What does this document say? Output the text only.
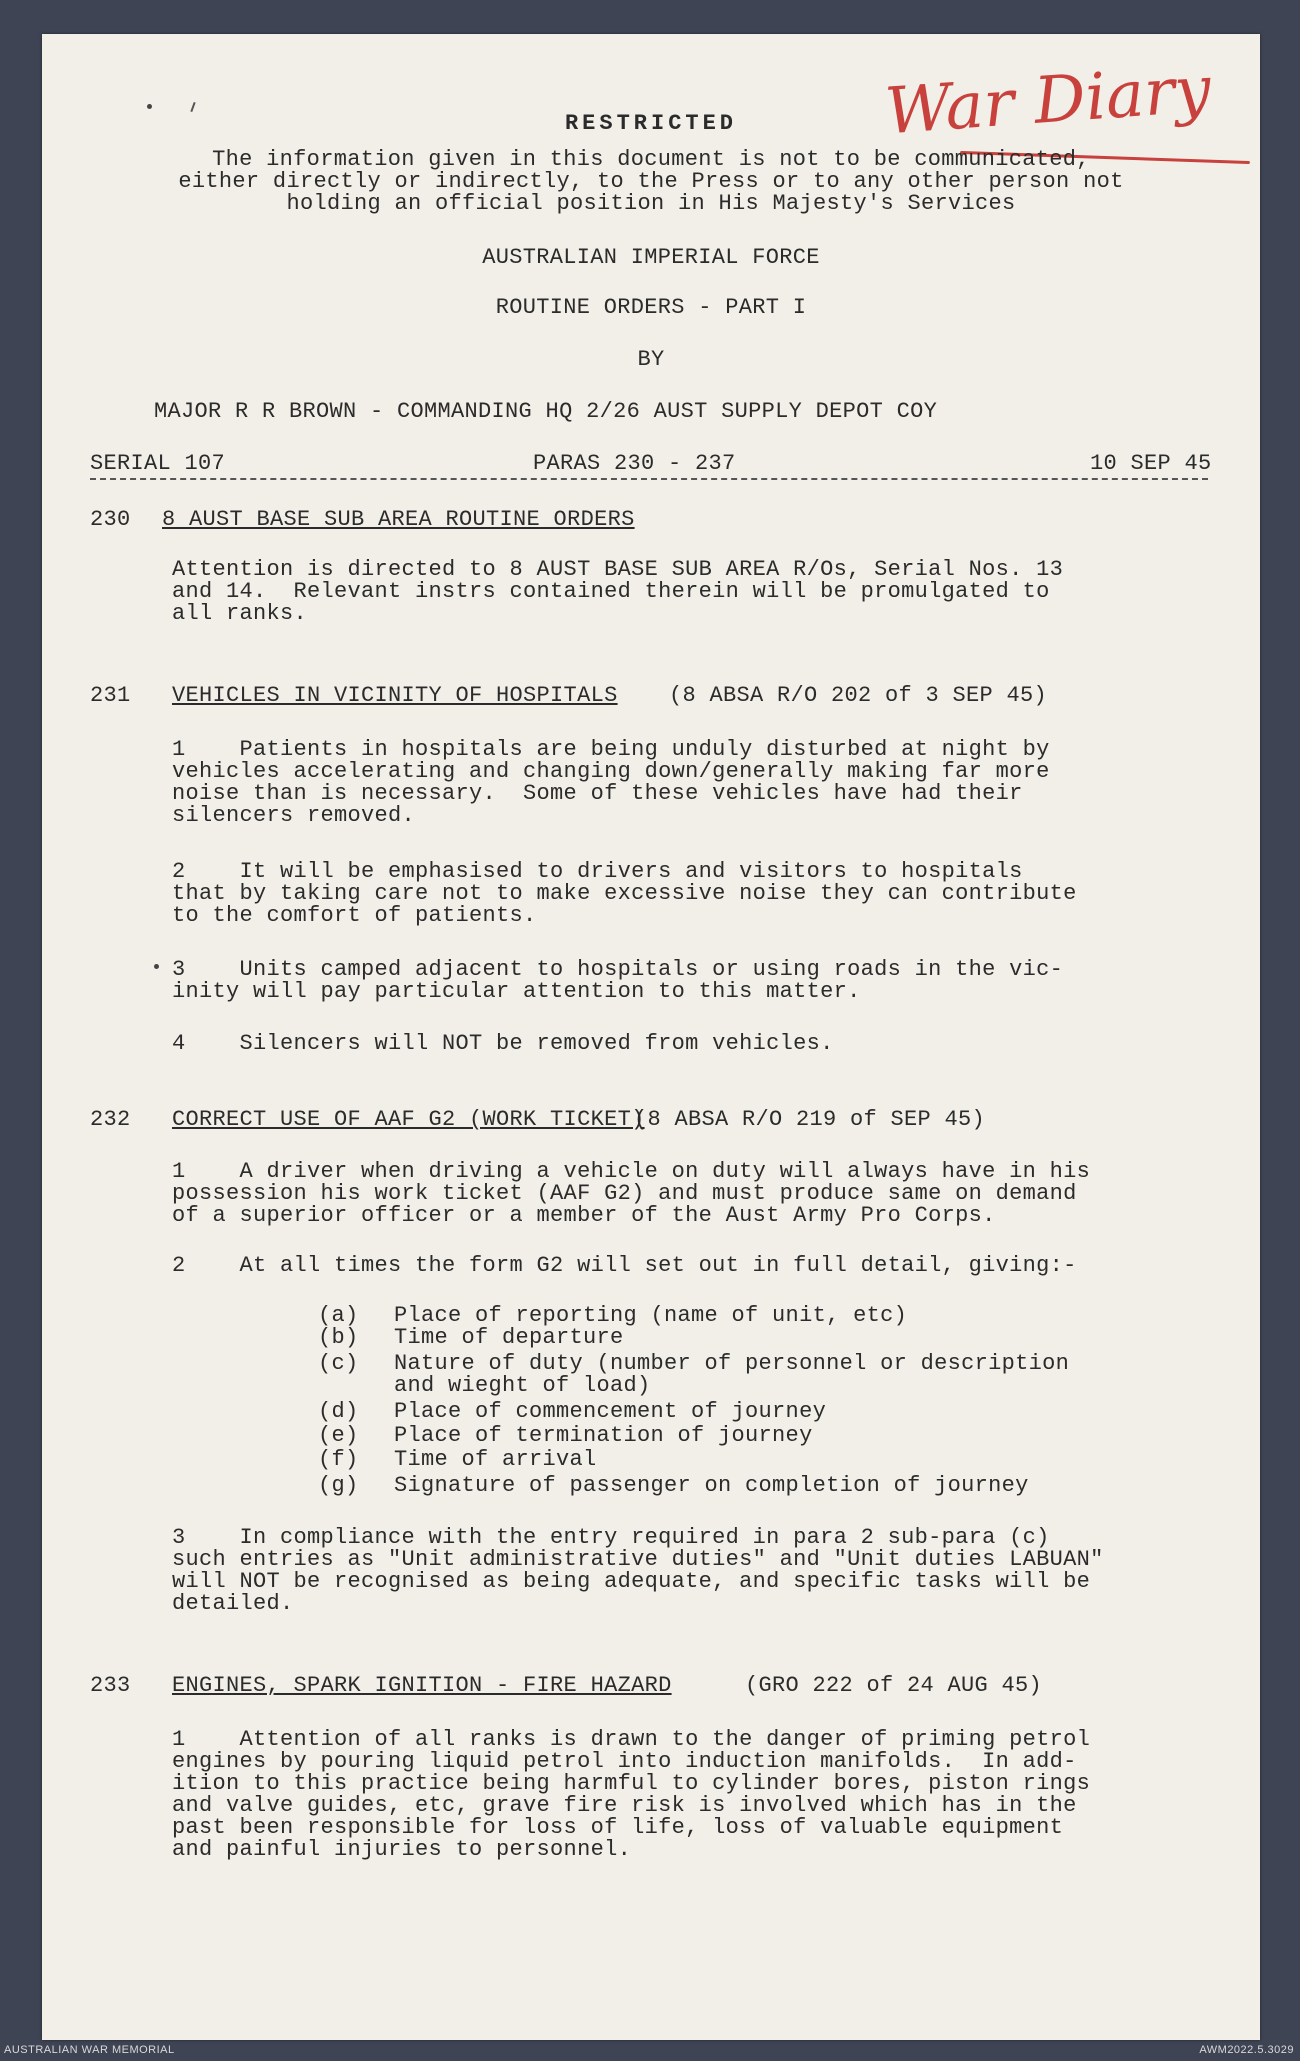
War Diary
RESTRICTED
The information given in this document is not to be communicated,
either directly or indirectly, to the Press or to any other person not
holding an official position in His Majesty's Services
AUSTRALIAN IMPERIAL FORCE
ROUTINE ORDERS - PART I
BY
MAJOR R R BROWN - COMMANDING HQ 2/26 AUST SUPPLY DEPOT COY
SERIAL 107	PARAS 230 - 237	10 SEP 45
230 8 AUST BASE SUB AREA ROUTINE ORDERS
Attention is directed to 8 AUST BASE SUB AREA R/Os, Serial Nos. 13
and 14.  Relevant instrs contained therein will be promulgated to
all ranks.
231 VEHICLES IN VICINITY OF HOSPITALS (8 ABSA R/O 202 of 3 SEP 45)
1    Patients in hospitals are being unduly disturbed at night by
vehicles accelerating and changing down/generally making far more
noise than is necessary.  Some of these vehicles have had their
silencers removed.
2    It will be emphasised to drivers and visitors to hospitals
that by taking care not to make excessive noise they can contribute
to the comfort of patients.
3    Units camped adjacent to hospitals or using roads in the vic-
inity will pay particular attention to this matter.
4    Silencers will NOT be removed from vehicles.
232 CORRECT USE OF AAF G2 (WORK TICKET)
(8 ABSA R/O 219 of SEP 45)
1    A driver when driving a vehicle on duty will always have in his
possession his work ticket (AAF G2) and must produce same on demand
of a superior officer or a member of the Aust Army Pro Corps.
2    At all times the form G2 will set out in full detail, giving:-
(a) Place of reporting (name of unit, etc)
(b) Time of departure
(c) Nature of duty (number of personnel or description
and wieght of load)
(d) Place of commencement of journey
(e) Place of termination of journey
(f) Time of arrival
(g) Signature of passenger on completion of journey
3    In compliance with the entry required in para 2 sub-para (c)
such entries as "Unit administrative duties" and "Unit duties LABUAN"
will NOT be recognised as being adequate, and specific tasks will be
detailed.
233 ENGINES, SPARK IGNITION - FIRE HAZARD	(GRO 222 of 24 AUG 45)
1    Attention of all ranks is drawn to the danger of priming petrol
engines by pouring liquid petrol into induction manifolds.  In add-
ition to this practice being harmful to cylinder bores, piston rings
and valve guides, etc, grave fire risk is involved which has in the
past been responsible for loss of life, loss of valuable equipment
and painful injuries to personnel.
AUSTRALIAN WAR MEMORIAL	AWM2022.5.3029
